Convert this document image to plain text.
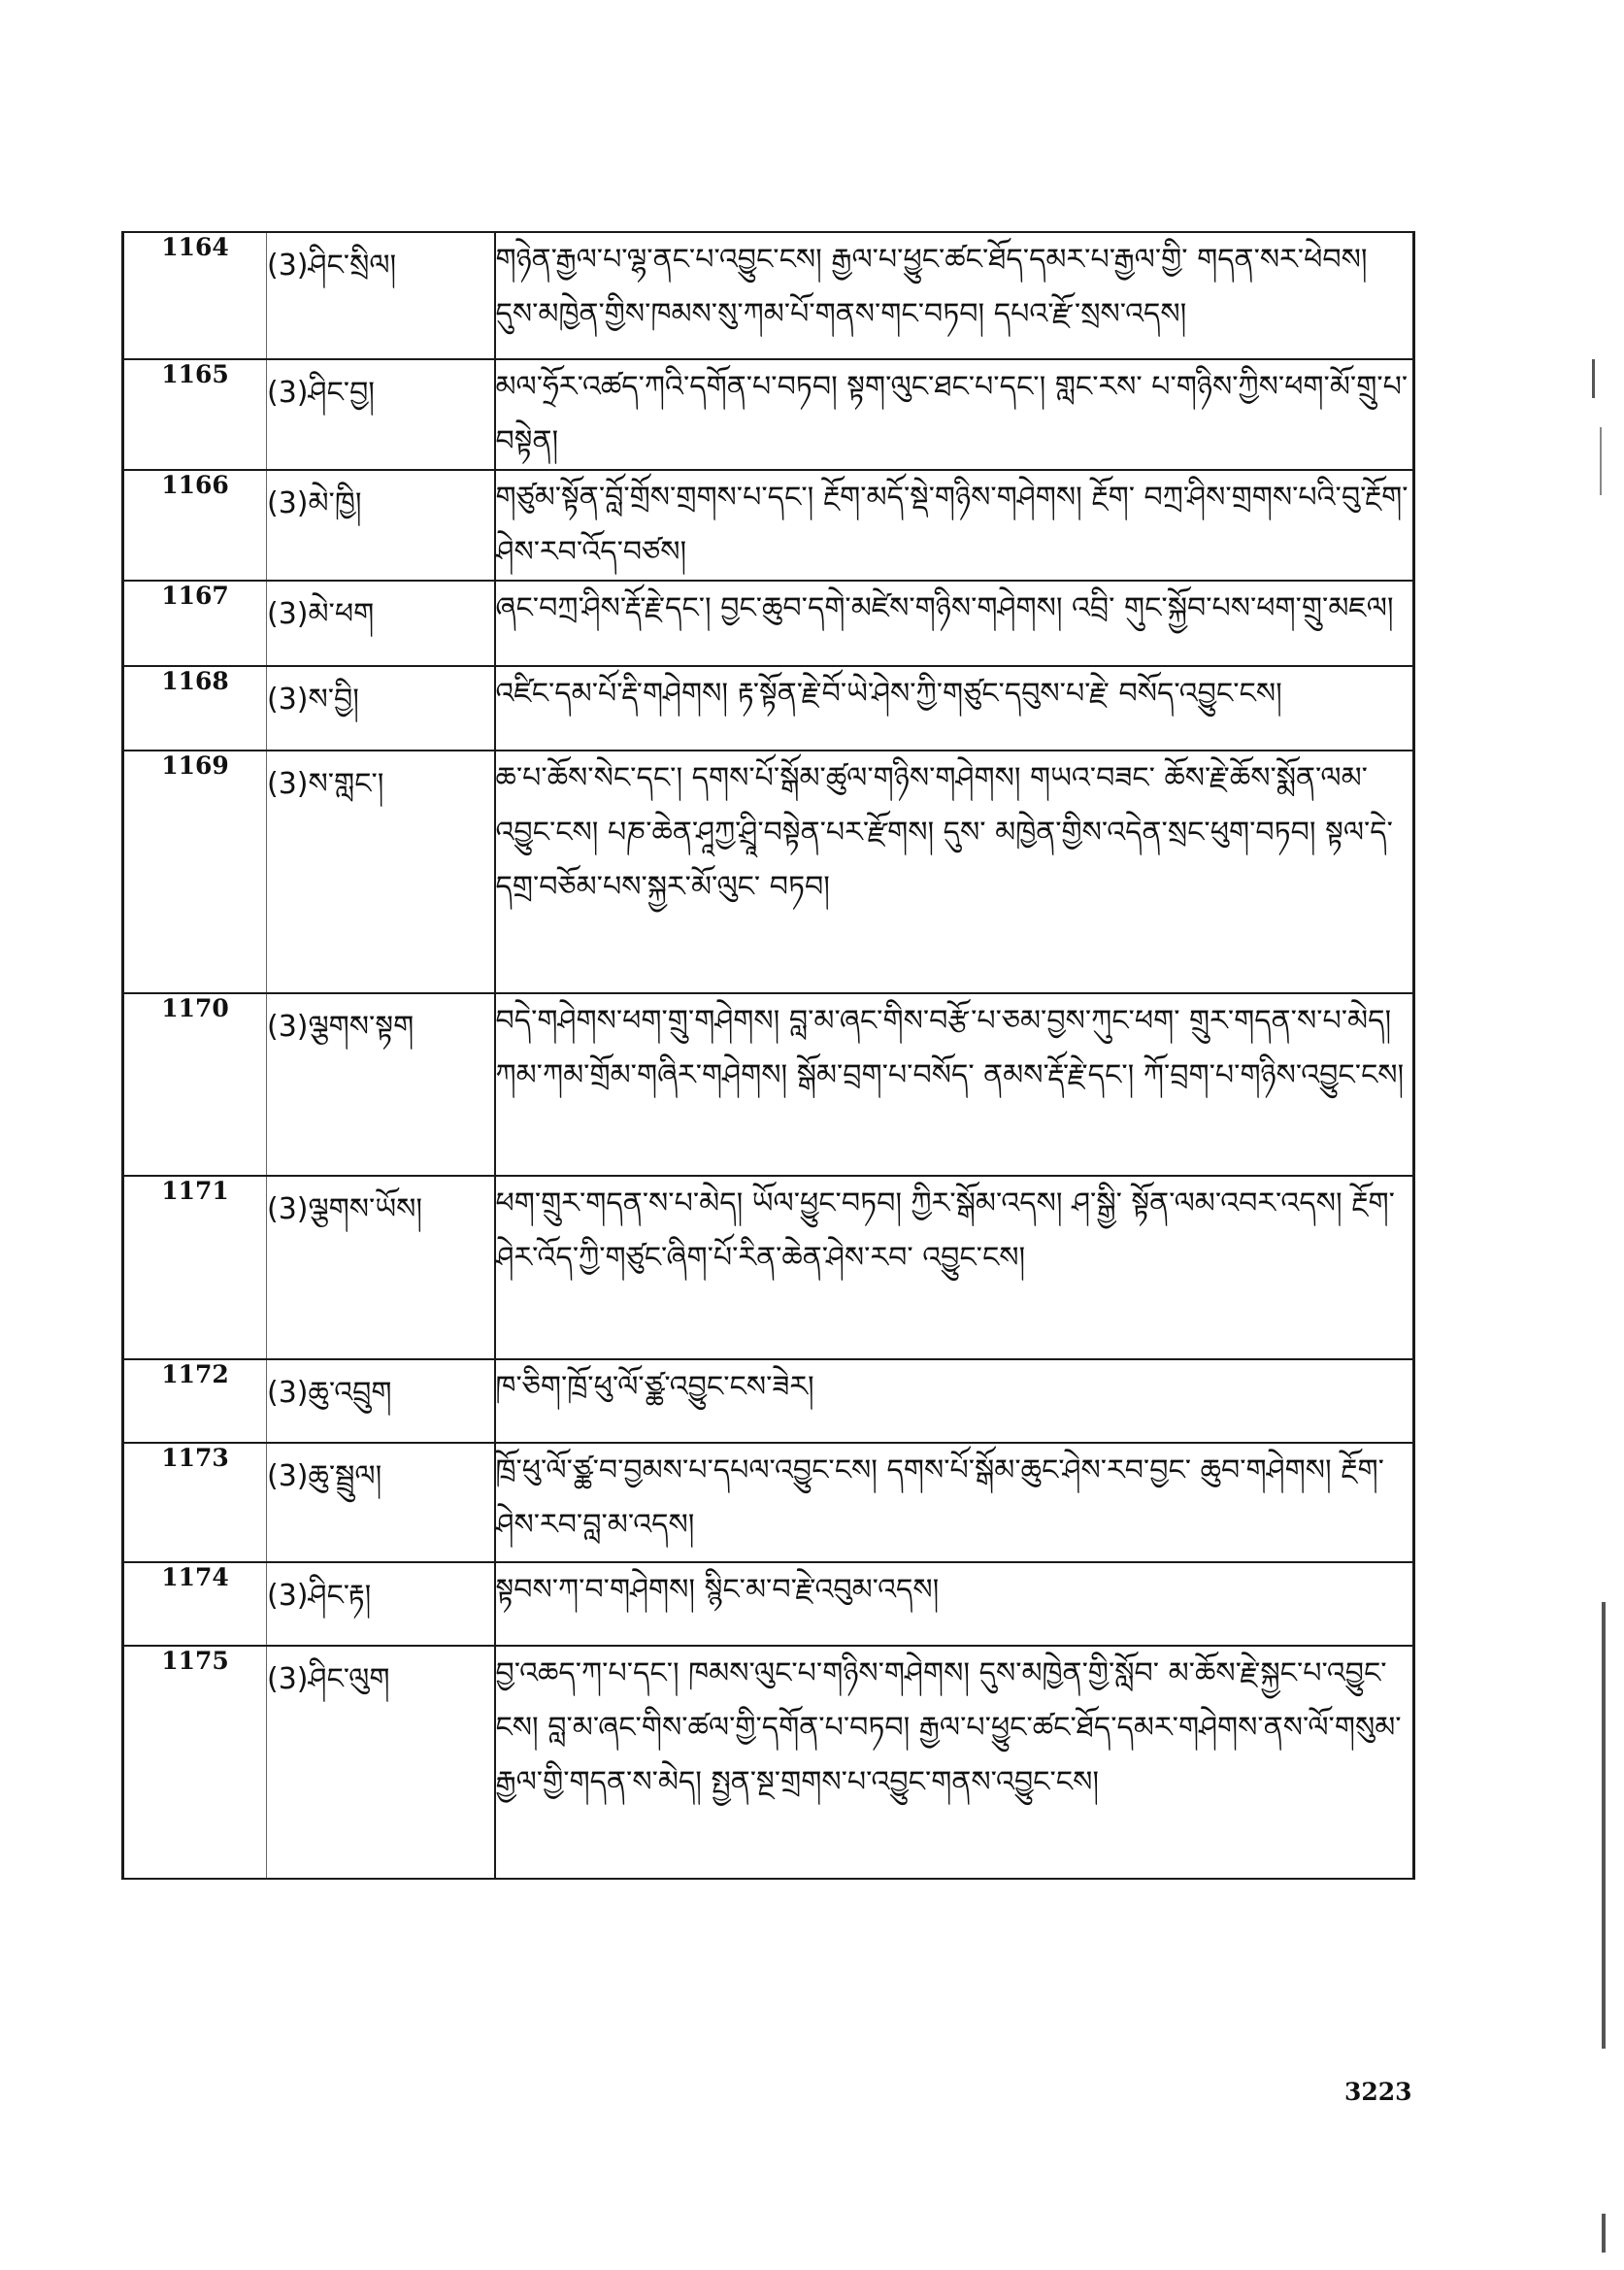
1164	(3)ཤིང་སྲིལ།	གཉེན་རྒྱལ་པ་ལྷ་ནང་པ་འབྱུང་ངས། རྒྱལ་པ་ཕྱུང་ཚང་ཐོད་དམར་པ་རྒྱལ་གྱི་ གདན་སར་ཕེབས། དུས་མཁྱེན་གྱིས་ཁམས་སུ་ཀམ་པོ་གནས་གང་བཏབ། དཔའ་རྫོ་སྲས་འདས།
1165	(3)ཤིང་བྱ།	མལ་ཧྲོར་འཚད་ཀའི་དགོན་པ་བཏབ། སྟག་ལུང་ཐང་པ་དང་། གླང་རས་ པ་གཉིས་ཀྱིས་ཕག་མོ་གྲུ་པ་བསྟེན།
1166	(3)མེ་ཁྱི།	གཙུམ་སྟོན་བློ་གྲོས་གྲགས་པ་དང་། རྔོག་མདོ་སྡེ་གཉིས་གཤེགས། རྔོག་ བཀྲ་ཤིས་གྲགས་པའི་བུ་རྔོག་ཤེས་རབ་འོད་བཙས།
1167	(3)མེ་ཕག	ཞང་བཀྲ་ཤིས་རྡོ་རྗེ་དང་། བྱང་ཆུབ་དགེ་མཛེས་གཉིས་གཤེགས། འབྲི་ གུང་སྐྱོབ་པས་ཕག་གྲུ་མཇལ།
1168	(3)ས་བྱི།	འཛིང་དམ་པོ་རྡི་གཤེགས། རྟ་སྟོན་རྗེ་བོ་ཡེ་ཤེས་ཀྱི་གཙུང་དབུས་པ་རྗེ་ བསོད་འབྱུང་ངས།
1169	(3)ས་གླང་།	ཆ་པ་ཆོས་སེང་དང་། དགས་པོ་སྒོམ་ཚུལ་གཉིས་གཤེགས། གཡའ་བཟང་ ཆོས་རྗེ་ཆོས་སྨོན་ལམ་འབྱུང་ངས། པཎ་ཆེན་ཤཱཀྱ་ཤྲཱི་བསྟེན་པར་རྫོགས། དུས་ མཁྱེན་གྱིས་འདེན་སྲང་ཕུག་བཏབ། སྟལ་དེ་དགྲ་བཅོམ་པས་སྐྱར་མོ་ལུང་ བཏབ།
1170	(3)ལྕགས་སྟག	བདེ་གཤེགས་ཕག་གྲུ་གཤེགས། བླ་མ་ཞང་གིས་བརྩོ་པ་ཅམ་བྱས་ཀུང་ཕག་ གྲུར་གདན་ས་པ་མེད། ཀམ་ཀམ་གྲོམ་གཞིར་གཤེགས། སྒོམ་བྲག་པ་བསོད་ ནམས་རྡོ་རྗེ་དང་། ཀོ་བྲག་པ་གཉིས་འབྱུང་ངས།
1171	(3)ལྕགས་ཡོས།	ཕག་གྲུར་གདན་ས་པ་མེད། ཡོལ་ཕྱུང་བཏབ། ཀྱིར་སྒོམ་འདས། ཤ་སྒྱི་ སྟོན་ལམ་འབར་འདས། རྔོག་ཤེར་འོད་ཀྱི་གཙུང་ཞིག་པོ་རིན་ཆེན་ཤེས་རབ་ འབྱུང་ངས།
1172	(3)ཆུ་འབྲུག	ཁ་ཅིག་ཁྲོ་ཕུ་ལོ་ཙྪ་འབྱུང་ངས་ཟེར།
1173	(3)ཆུ་སྦྲུལ།	ཁྲོ་ཕུ་ལོ་ཙྪ་བ་བྱམས་པ་དཔལ་འབྱུང་ངས། དགས་པོ་སྒོམ་ཆུང་ཤེས་རབ་བྱང་ ཆུབ་གཤེགས། རྔོག་ཤེས་རབ་བླ་མ་འདས།
1174	(3)ཤིང་རྟ།	སྟབས་ཀ་བ་གཤེགས། སྙིང་མ་བ་རྗེ་འབུམ་འདས།
1175	(3)ཤིང་ལུག	བྱ་འཆད་ཀ་པ་དང་། ཁམས་ལུང་པ་གཉིས་གཤེགས། དུས་མཁྱེན་གྱི་སློབ་ མ་ཆོས་རྗེ་སྐྱང་པ་འབྱུང་ངས། བླ་མ་ཞང་གིས་ཚལ་གྱི་དགོན་པ་བཏབ། རྒྱལ་པ་ཕྱུང་ཚང་ཐོད་དམར་གཤེགས་ནས་ལོ་གསུམ་རྒྱལ་གྱི་གདན་ས་མེད། སྤྱན་སྔ་གྲགས་པ་འབྱུང་གནས་འབྱུང་ངས།
3223
